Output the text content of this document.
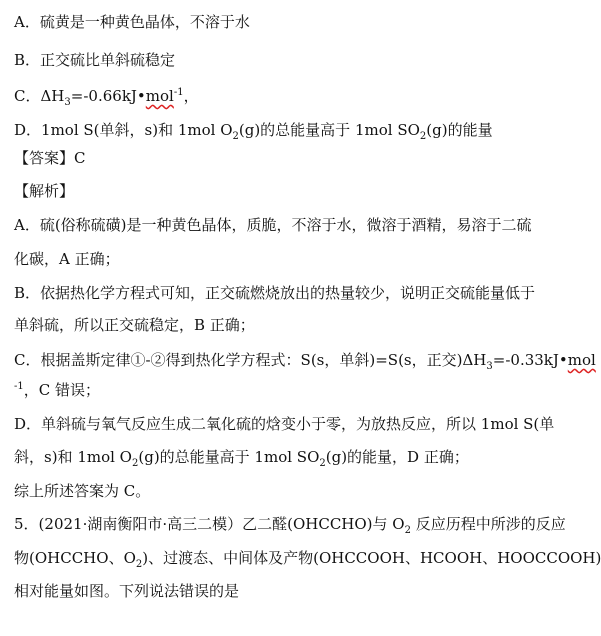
A．硫黄是一种黄色晶体，不溶于水
B．正交硫比单斜硫稳定
C．$\Delta H_3=-0.66kJ•mol^{-1}$，
D．1mol S(单斜，s)和 1mol $O_2(g)$的总能量高于 1mol $SO_2(g)$的能量
【答案】C
【解析】
A．硫(俗称硫磺)是一种黄色晶体，质脆，不溶于水，微溶于酒精，易溶于二硫
化碳，A 正确；
B．依据热化学方程式可知，正交硫燃烧放出的热量较少，说明正交硫能量低于
单斜硫，所以正交硫稳定，B 正确；
C．根据盖斯定律①-②得到热化学方程式：S(s，单斜)=S(s，正交)$\Delta H_3=-0.33kJ•mol$
$^{-1}$，C 错误；
D．单斜硫与氧气反应生成二氧化硫的焓变小于零，为放热反应，所以 1mol S(单
斜，s)和 1mol $O_2(g)$的总能量高于 1mol $SO_2(g)$的能量，D 正确；
综上所述答案为 C。
5．(2021·湖南衡阳市·高三二模）乙二醛(OHCCHO)与 $O_2$ 反应历程中所涉的反应
物(OHCCHO、$O_2$)、过渡态、中间体及产物(OHCCOOH、HCOOH、HOOCCOOH)
相对能量如图。下列说法错误的是
